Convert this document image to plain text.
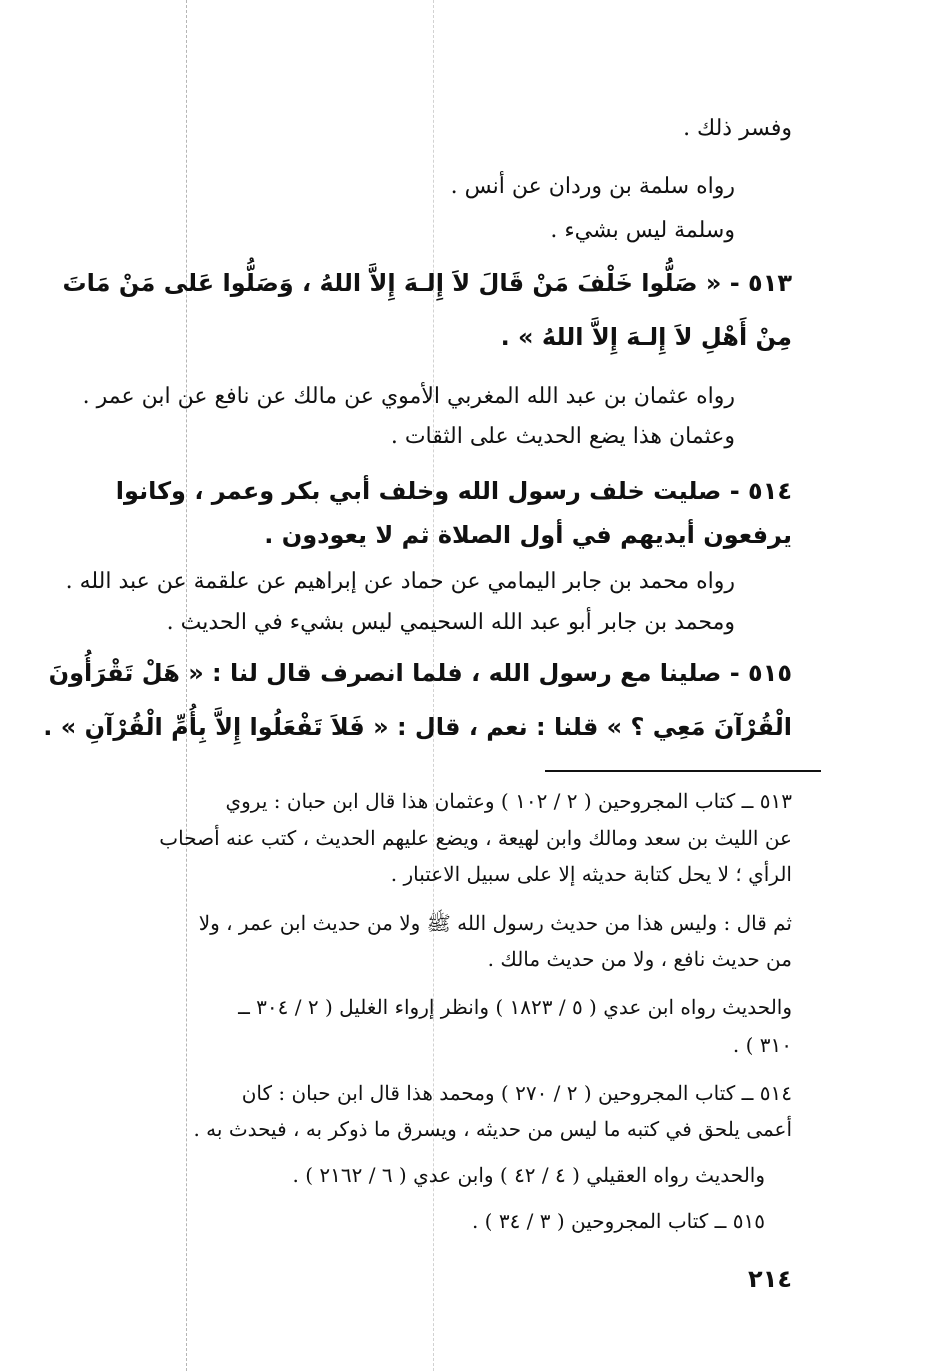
وفسر ذلك .
رواه سلمة بن وردان عن أنس .
وسلمة ليس بشيء .
٥١٣ - « صَلُّوا خَلْفَ مَنْ قَالَ لاَ إِلـهَ إِلاَّ اللهُ ، وَصَلُّوا عَلى مَنْ مَاتَ
مِنْ أَهْلِ لاَ إِلـهَ إِلاَّ اللهُ » .
رواه عثمان بن عبد الله المغربي الأموي عن مالك عن نافع عن ابن عمر .
وعثمان هذا يضع الحديث على الثقات .
٥١٤ - صليت خلف رسول الله وخلف أبي بكر وعمر ، وكانوا
يرفعون أيديهم في أول الصلاة ثم لا يعودون .
رواه محمد بن جابر اليمامي عن حماد عن إبراهيم عن علقمة عن عبد الله .
ومحمد بن جابر أبو عبد الله السحيمي ليس بشيء في الحديث .
٥١٥ - صلينا مع رسول الله ، فلما انصرف قال لنا : « هَلْ تَقْرَأُونَ
الْقُرْآنَ مَعِي ؟ » قلنا : نعم ، قال : « فَلاَ تَفْعَلُوا إِلاَّ بِأُمِّ الْقُرْآنِ » .
٥١٣ ــ كتاب المجروحين ( ٢ / ١٠٢ ) وعثمان هذا قال ابن حبان : يروي
عن الليث بن سعد ومالك وابن لهيعة ، ويضع عليهم الحديث ، كتب عنه أصحاب
الرأي ؛ لا يحل كتابة حديثه إلا على سبيل الاعتبار .
ثم قال : وليس هذا من حديث رسول الله ﷺ ولا من حديث ابن عمر ، ولا
من حديث نافع ، ولا من حديث مالك .
والحديث رواه ابن عدي ( ٥ / ١٨٢٣ ) وانظر إرواء الغليل ( ٢ / ٣٠٤ ــ
٣١٠ ) .
٥١٤ ــ كتاب المجروحين ( ٢ / ٢٧٠ ) ومحمد هذا قال ابن حبان : كان
أعمى يلحق في كتبه ما ليس من حديثه ، ويسرق ما ذوكر به ، فيحدث به .
والحديث رواه العقيلي ( ٤ / ٤٢ ) وابن عدي ( ٦ / ٢١٦٢ ) .
٥١٥ ــ كتاب المجروحين ( ٣ / ٣٤ ) .
٢١٤
